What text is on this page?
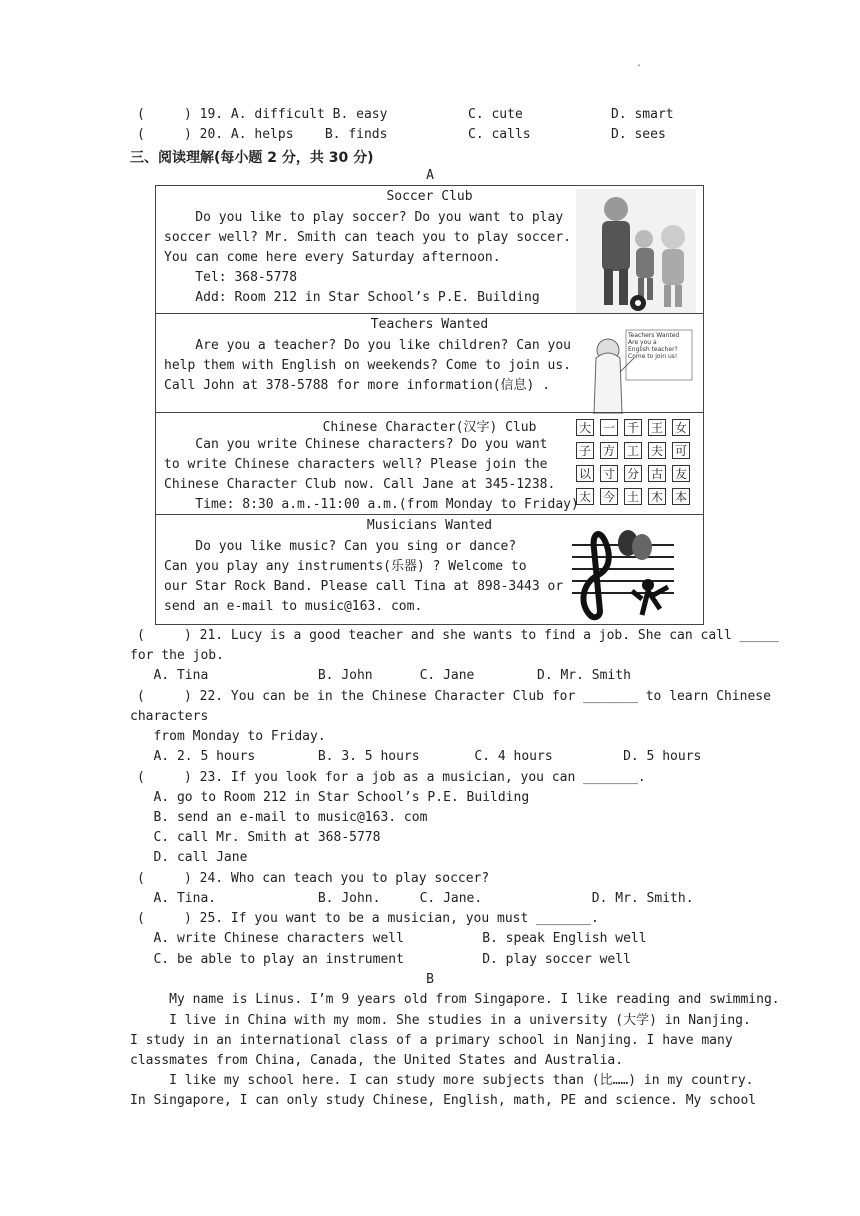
.
(     ) 19. A. difficult B. easy	C. cute	D. smart
(     ) 20. A. helps    B. finds	C. calls	D. sees
三、阅读理解(每小题 2 分，共 30 分)
A
Soccer Club
Do you like to play soccer? Do you want to play
soccer well? Mr. Smith can teach you to play soccer.
You can come here every Saturday afternoon.
Tel: 368-5778
Add: Room 212 in Star School’s P.E. Building
Teachers Wanted
Are you a teacher? Do you like children? Can you
help them with English on weekends? Come to join us.
Call John at 378-5788 for more information(信息) .
Teachers Wanted
Are you a
English teacher?
Come to join us!
Chinese Character(汉字) Club
Can you write Chinese characters? Do you want
to write Chinese characters well? Please join the
Chinese Character Club now. Call Jane at 345-1238.
Time: 8:30 a.m.-11:00 a.m.(from Monday to Friday)
大 一 千 王 女
子 方 工 夫 可
以 寸 分 古 友
太 今 土 木 本
Musicians Wanted
Do you like music? Can you sing or dance?
Can you play any instruments(乐器) ? Welcome to
our Star Rock Band. Please call Tina at 898-3443 or
send an e-mail to music@163. com.
(     ) 21. Lucy is a good teacher and she wants to find a job. She can call _____
for the job.
A. Tina              B. John      C. Jane        D. Mr. Smith
(     ) 22. You can be in the Chinese Character Club for _______ to learn Chinese
characters
from Monday to Friday.
A. 2. 5 hours        B. 3. 5 hours       C. 4 hours         D. 5 hours
(     ) 23. If you look for a job as a musician, you can _______.
A. go to Room 212 in Star School’s P.E. Building
B. send an e-mail to music@163. com
C. call Mr. Smith at 368-5778
D. call Jane
(     ) 24. Who can teach you to play soccer?
A. Tina.             B. John.     C. Jane.              D. Mr. Smith.
(     ) 25. If you want to be a musician, you must _______.
A. write Chinese characters well          B. speak English well
C. be able to play an instrument          D. play soccer well
B
My name is Linus. I’m 9 years old from Singapore. I like reading and swimming.
I live in China with my mom. She studies in a university (大学) in Nanjing.
I study in an international class of a primary school in Nanjing. I have many
classmates from China, Canada, the United States and Australia.
I like my school here. I can study more subjects than (比……) in my country.
In Singapore, I can only study Chinese, English, math, PE and science. My school
